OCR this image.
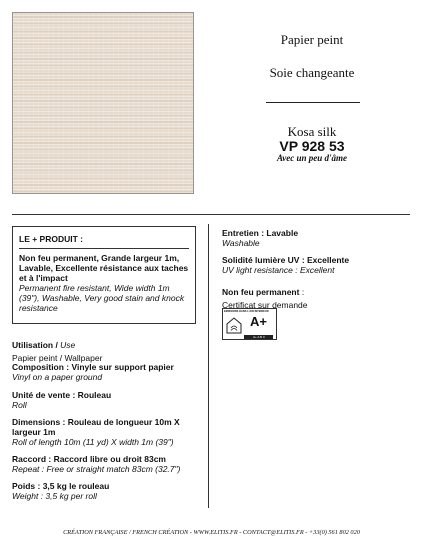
Papier peint
Soie changeante
Kosa silk
VP 928 53
Avec un peu d'âme
LE + PRODUIT :
Non feu permanent, Grande largeur 1m, Lavable, Excellente résistance aux taches et à l'impact
Permanent fire resistant, Wide width 1m (39"), Washable, Very good stain and knock resistance
Utilisation / Use
Papier peint / Wallpaper
Composition : Vinyle sur support papier
Vinyl on a paper ground
Unité de vente : Rouleau
Roll
Dimensions : Rouleau de longueur 10m X largeur 1m
Roll of length 10m (11 yd) X width 1m (39")
Raccord : Raccord libre ou droit 83cm
Repeat : Free or straight match 83cm (32.7")
Poids : 3,5 kg le rouleau
Weight : 3,5 kg per roll
Entretien : Lavable
Washable
Solidité lumière UV : Excellente
UV light resistance : Excellent
Non feu permanent :
Certificat sur demande
ÉMISSIONS DANS L'AIR INTÉRIEUR
A+
A+ A B C
CRÉATION FRANÇAISE / FRENCH CRÉATION - WWW.ELITIS.FR - CONTACT@ELITIS.FR - +33(0) 561 802 020
